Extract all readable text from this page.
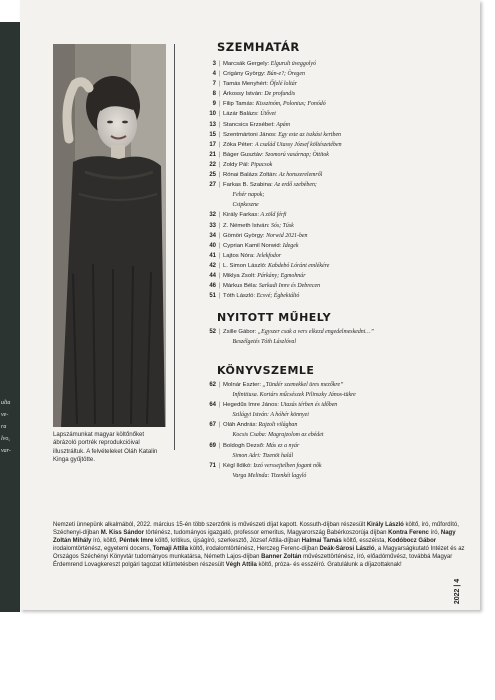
ulta
ve-
ra
lvo,
var-
Lapszámunkat magyar költőnőket ábrázoló portrék reprodukcióival illusztráltuk. A felvételeket Oláh Katalin Kinga gyűjtötte.
SZEMHATÁR
3 | Marcsák Gergely: Elgurult üveggolyó
4 | Crigány György: Bún-e?; Öregen
7 | Tamás Menyhért: Őfelé loltár
8 | Árkossy István: De profundis
9 | Filip Tamás: Kisszinóm, Polonius; Fonódó
10 | Lázár Balázs: Ütővet
13 | Stancsics Erzsébet: Apám
15 | Szentmártoni János: Egy este az iszkási kertben
17 | Zóka Péter: A család Utassy József költészetében
21 | Báger Gusztáv: Szomorú vasárnap; Öttitok
22 | Zoldy Pál: Pipacsok
25 | Rónai Balázs Zoltán: Az honszerelemről
27 | Farkas B. Szabina: Az erdő szebében;
Fehér napok;
Csipkeszne
32 | Király Farkas: A zöld férfi
33 | Z. Németh István: Sós; Túsk
34 | Gömöri György: Norwid 2021-ben
40 | Cyprian Kamil Norwid: Idegek
41 | Lajtos Nóra: Jelekfodor
42 | L. Simon László: Kabdebó Lóránt emlékére
44 | Miklya Zsolt: Párkány; Egmohnár
46 | Márkus Béla: Sarkadi Imre és Debrecen
51 | Tóth László: Ecsvé; Égbekiáltó
NYITOTT MŰHELY
52 | Zsille Gábor: „Egyszer csak a vers elkezd engedelmeskedni…”
Beszélgetés Tóth Lászlóval
KÖNYVSZEMLE
62 | Molnár Eszter: „Tündér szemekkel üres mezőkre”
Infinitiusa. Kortárs műcsészek Pilinszky János-tükre
64 | Hegedűs Imre János: Utazás térben és időben
Szilágyi István: A hóhér könnyei
67 | Oláh András: Rajzolt világban
Kocsis Csaba: Magrajzolom az ebédet
69 | Boldogh Dezső: Más ez a nyár
Simon Adri: Tizenöt halál
71 | Kégl Ildikó: Izzó verssejtelben fogant nők
Varga Melinda: Tizenkét lagyló
Nemzeti ünnepünk alkalmából, 2022. március 15-én több szerzőnk is művészeti díjat kapott. Kossuth-díjban részesült Király László költő, író, műfordító, Széchenyi-díjban M. Kiss Sándor történész, tudományos igazgató, professor emeritus, Magyarország Babérkoszorúja díjban Kontra Ferenc író, Nagy Zoltán Mihály író, költő, Péntek Imre költő, kritikus, újságíró, szerkesztő, József Attila-díjban Halmai Tamás költő, esszéista, Kodóbocz Gábor irodalomtörténész, egyetemi docens, Tomaji Attila költő, irodalomtörténész, Herczeg Ferenc-díjban Deák-Sárosi László, a Magyarságkutató Intézet és az Országos Széchényi Könyvtár tudományos munkatársa, Németh Lajos-díjban Banner Zoltán művészettörténész, író, előadóművész, továbbá Magyar Érdemrend Lovagkereszt polgári tagozat kitüntetésben részesült Végh Attila költő, próza- és esszéíró. Gratulálunk a díjazottaknak!
2022 | 4
